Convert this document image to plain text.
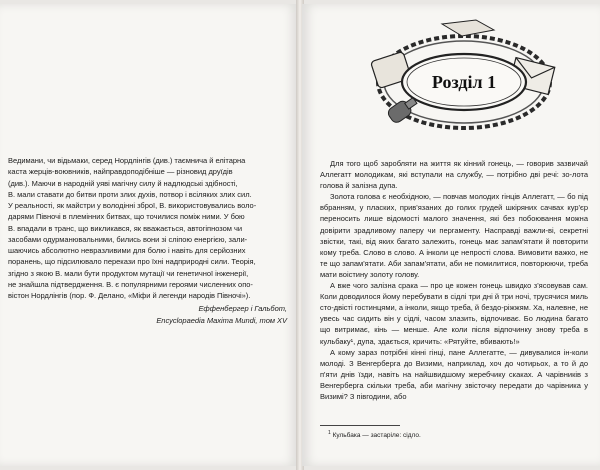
Ведимани, чи відьмаки, серед Нордлінгів (див.) таємнича й елітарна

каста жерців-воювників, найправдоподібніше — різновид друїдів

(див.). Маючи в народній уяві магічну силу й надлюдські здібності,

В. мали ставати до битви проти злих духів, потвор і всіляких злих сил.

У реальності, як майстри у володінні зброї, В. використовувались воло-

дарями Півночі в племінних битвах, що точилися поміж ними. У бою

В. впадали в транс, що викликався, як вважається, автогіпнозом чи

засобами одурманювальними, бились вони зі сліпою енергією, зали-

шаючись абсолютно невразливими для болю і навіть для серйозних

поранень, що підсилювало перекази про їхні надприродні сили. Теорія,

згідно з якою В. мали бути продуктом мутації чи генетичної інженерії,

не знайшла підтвердження. В. є популярними героями численних опо-

вістон Нордлінгів (пор. Ф. Делано, «Міфи й легенди народів Півночі»).

Еффенбергер і Гальбот,
Encyclopaedia Maxima Mundi, том XV
Розділ 1

Для того щоб заробляти на життя як кінний гонець, — говорив зазвичай Аллегатт молодикам, які вступали на службу, — потрібно дві речі: зо-лота голова й залізна дупа.

Золота голова є необхідною, — повчав молодих гінців Аллегатт, — бо під вбранням, у пласких, прив'язаних до голих грудей шкіряних сачвах кур'єр переносить лише відомості малого значення, які без побоювання можна довірити зрадливому паперу чи пергаменту. Насправді важли-ві, секретні звістки, такі, від яких багато залежить, гонець має запам'ятати й повторити кому треба. Слово в слово. А інколи це непрості слова. Вимовити важко, не те що запам'ятати. Аби запам'ятати, аби не помилитися, повторюючи, треба мати воістину золоту голову.

А вже чого залізна срака — про це кожен гонець швидко з'ясовував сам. Коли доводилося йому перебувати в сідлі три дні й три ночі, трусячися миль сто-двісті гостинцями, а інколи, якщо треба, й бездо-ріжжям. Ха, налевне, не увесь час сидить він у сідлі, часом злазить, відпочиває. Бо людина багато що витримає, кінь — менше. Але коли після відпочинку знову треба в кульбаку¹, дупа, здається, кричить: «Рятуйте, вбивають!»

А кому зараз потрібні кінні гінці, пане Аллегатте, — дивувалися ін-коли молоді. З Венгерберга до Визими, наприклад, хоч до чотирьох, а то й до п'яти днів їзди, навіть на найшвидшому жеребчику скаках. А чарівників з Венгерберга скільки треба, аби магічну звісточку передати до чарівника у Визимі? З півгодини, або

$^1$ Кульбака — застаріле: сідло.
